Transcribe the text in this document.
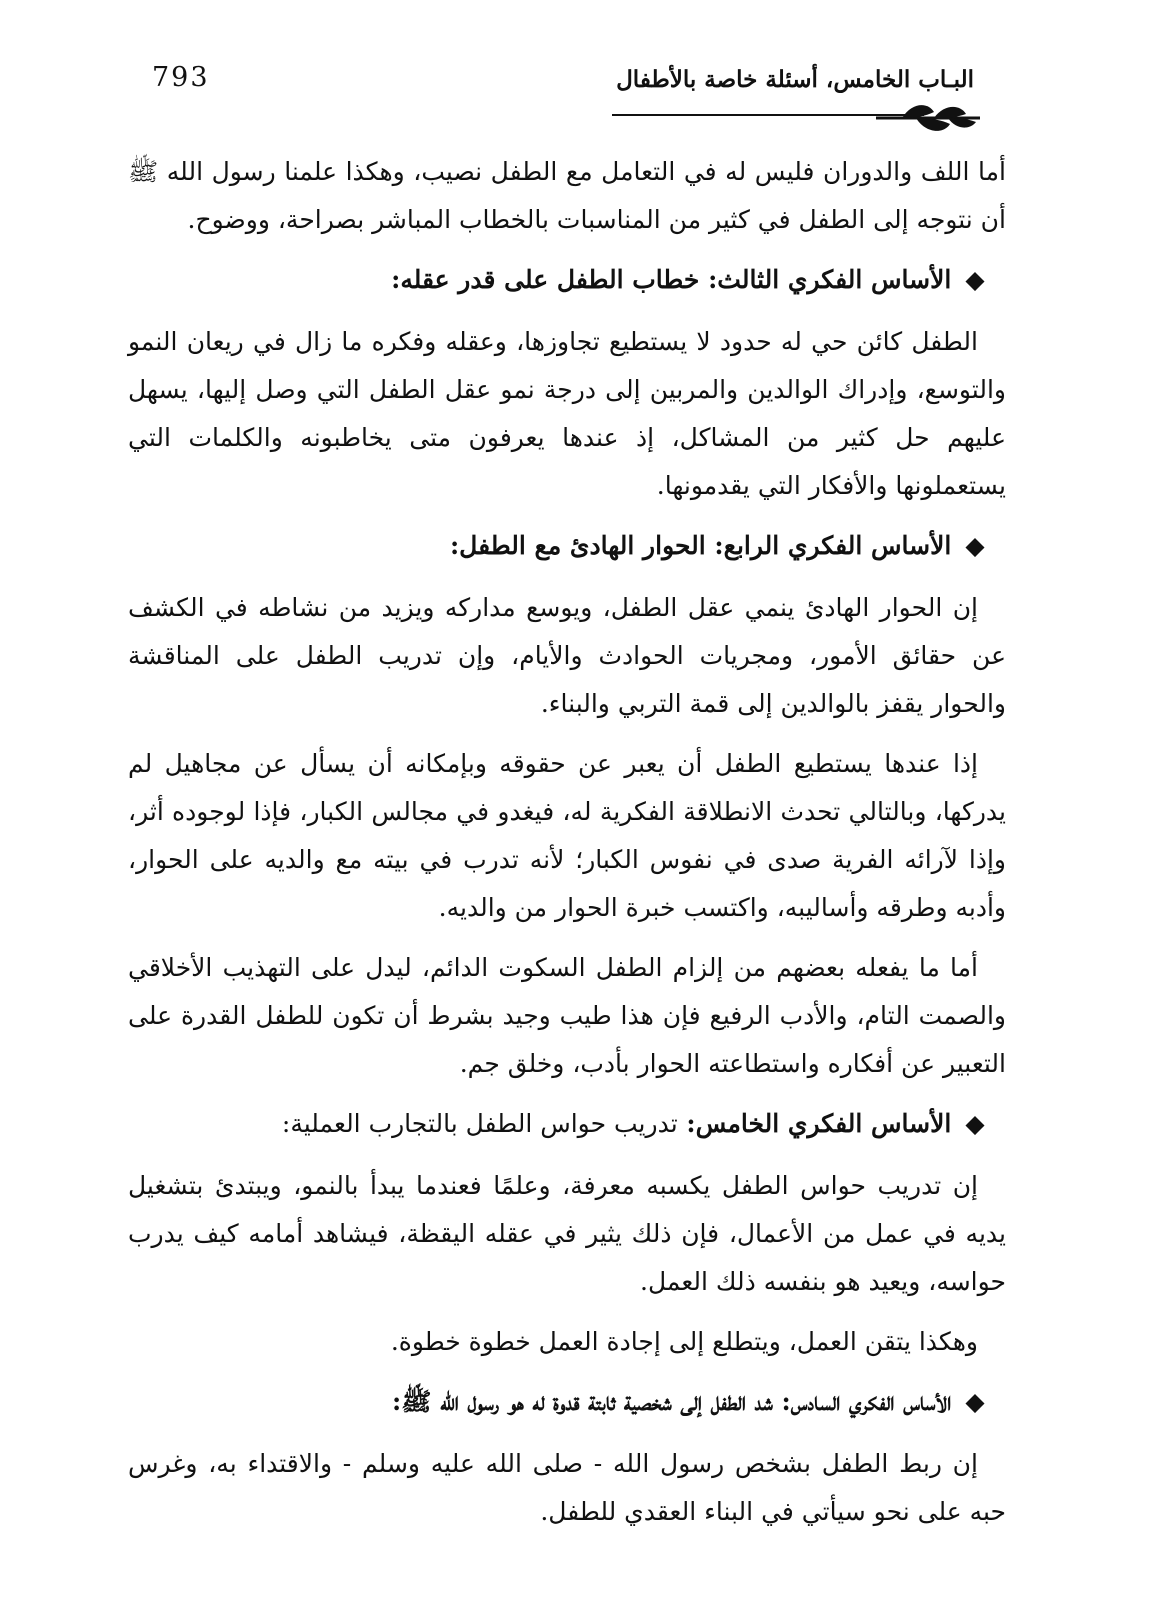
793	البـاب الخامس، أسئلة خاصة بالأطفال

أما اللف والدوران فليس له في التعامل مع الطفل نصيب، وهكذا علمنا رسول الله ﷺ أن نتوجه إلى الطفل في كثير من المناسبات بالخطاب المباشر بصراحة، ووضوح.

◆ الأساس الفكري الثالث: خطاب الطفل على قدر عقله:

الطفل كائن حي له حدود لا يستطيع تجاوزها، وعقله وفكره ما زال في ريعان النمو والتوسع، وإدراك الوالدين والمربين إلى درجة نمو عقل الطفل التي وصل إليها، يسهل عليهم حل كثير من المشاكل، إذ عندها يعرفون متى يخاطبونه والكلمات التي يستعملونها والأفكار التي يقدمونها.

◆ الأساس الفكري الرابع: الحوار الهادئ مع الطفل:

إن الحوار الهادئ ينمي عقل الطفل، ويوسع مداركه ويزيد من نشاطه في الكشف عن حقائق الأمور، ومجريات الحوادث والأيام، وإن تدريب الطفل على المناقشة والحوار يقفز بالوالدين إلى قمة التربي والبناء.

إذا عندها يستطيع الطفل أن يعبر عن حقوقه وبإمكانه أن يسأل عن مجاهيل لم يدركها، وبالتالي تحدث الانطلاقة الفكرية له، فيغدو في مجالس الكبار، فإذا لوجوده أثر، وإذا لآرائه الفرية صدى في نفوس الكبار؛ لأنه تدرب في بيته مع والديه على الحوار، وأدبه وطرقه وأساليبه، واكتسب خبرة الحوار من والديه.

أما ما يفعله بعضهم من إلزام الطفل السكوت الدائم، ليدل على التهذيب الأخلاقي والصمت التام، والأدب الرفيع فإن هذا طيب وجيد بشرط أن تكون للطفل القدرة على التعبير عن أفكاره واستطاعته الحوار بأدب، وخلق جم.

◆ الأساس الفكري الخامس: تدريب حواس الطفل بالتجارب العملية:

إن تدريب حواس الطفل يكسبه معرفة، وعلمًا فعندما يبدأ بالنمو، ويبتدئ بتشغيل يديه في عمل من الأعمال، فإن ذلك يثير في عقله اليقظة، فيشاهد أمامه كيف يدرب حواسه، ويعيد هو بنفسه ذلك العمل.

وهكذا يتقن العمل، ويتطلع إلى إجادة العمل خطوة خطوة.

◆ الأساس الفكري السادس: شد الطفل إلى شخصية ثابتة قدوة له هو رسول الله ﷺ:

إن ربط الطفل بشخص رسول الله - صلى الله عليه وسلم - والاقتداء به، وغرس حبه على نحو سيأتي في البناء العقدي للطفل.
